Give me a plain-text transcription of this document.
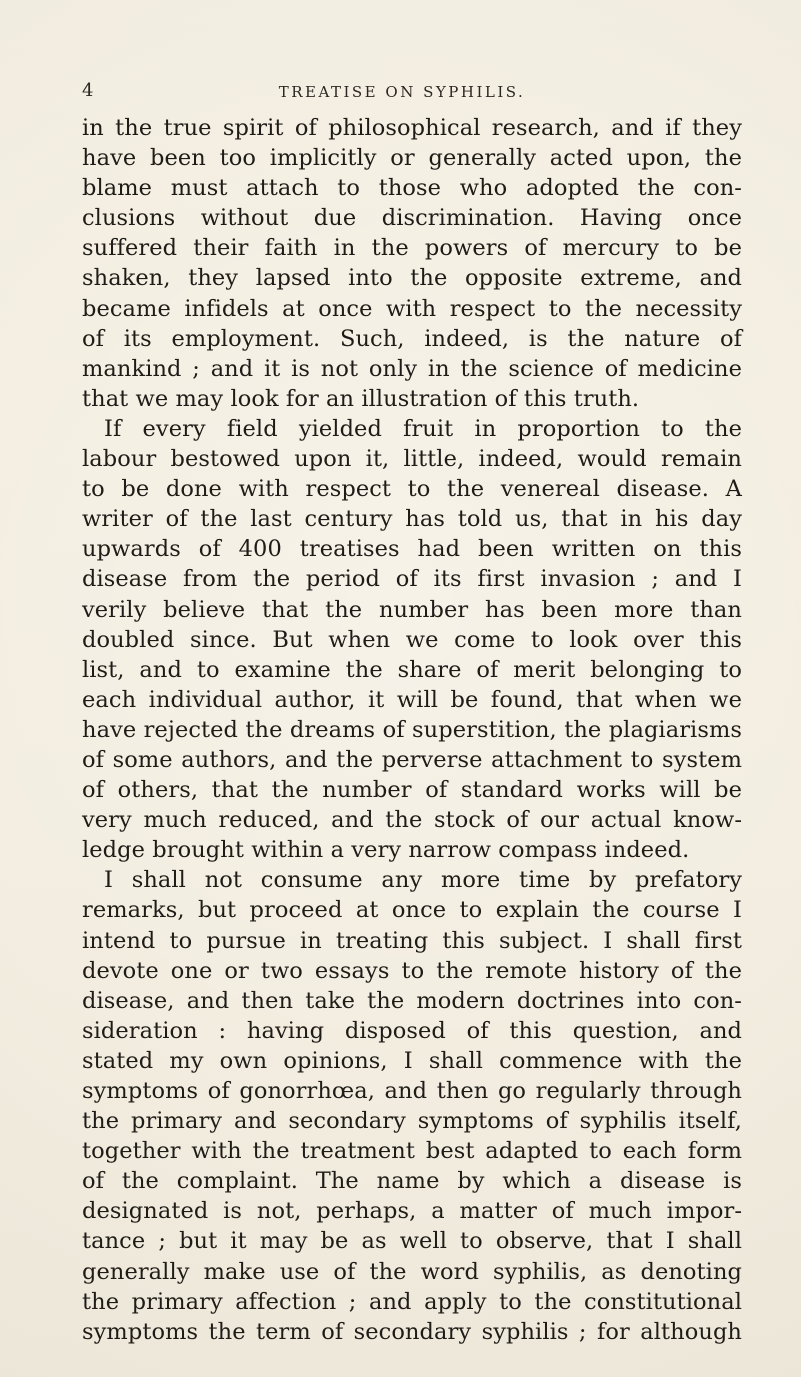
4	TREATISE ON SYPHILIS.
in the true spirit of philosophical research, and if they
have been too implicitly or generally acted upon, the
blame must attach to those who adopted the con-
clusions without due discrimination. Having once
suffered their faith in the powers of mercury to be
shaken, they lapsed into the opposite extreme, and
became infidels at once with respect to the necessity
of its employment. Such, indeed, is the nature of
mankind ; and it is not only in the science of medicine
that we may look for an illustration of this truth.
If every field yielded fruit in proportion to the
labour bestowed upon it, little, indeed, would remain
to be done with respect to the venereal disease. A
writer of the last century has told us, that in his day
upwards of 400 treatises had been written on this
disease from the period of its first invasion ; and I
verily believe that the number has been more than
doubled since. But when we come to look over this
list, and to examine the share of merit belonging to
each individual author, it will be found, that when we
have rejected the dreams of superstition, the plagiarisms
of some authors, and the perverse attachment to system
of others, that the number of standard works will be
very much reduced, and the stock of our actual know-
ledge brought within a very narrow compass indeed.
I shall not consume any more time by prefatory
remarks, but proceed at once to explain the course I
intend to pursue in treating this subject. I shall first
devote one or two essays to the remote history of the
disease, and then take the modern doctrines into con-
sideration : having disposed of this question, and
stated my own opinions, I shall commence with the
symptoms of gonorrhœa, and then go regularly through
the primary and secondary symptoms of syphilis itself,
together with the treatment best adapted to each form
of the complaint. The name by which a disease is
designated is not, perhaps, a matter of much impor-
tance ; but it may be as well to observe, that I shall
generally make use of the word syphilis, as denoting
the primary affection ; and apply to the constitutional
symptoms the term of secondary syphilis ; for although
